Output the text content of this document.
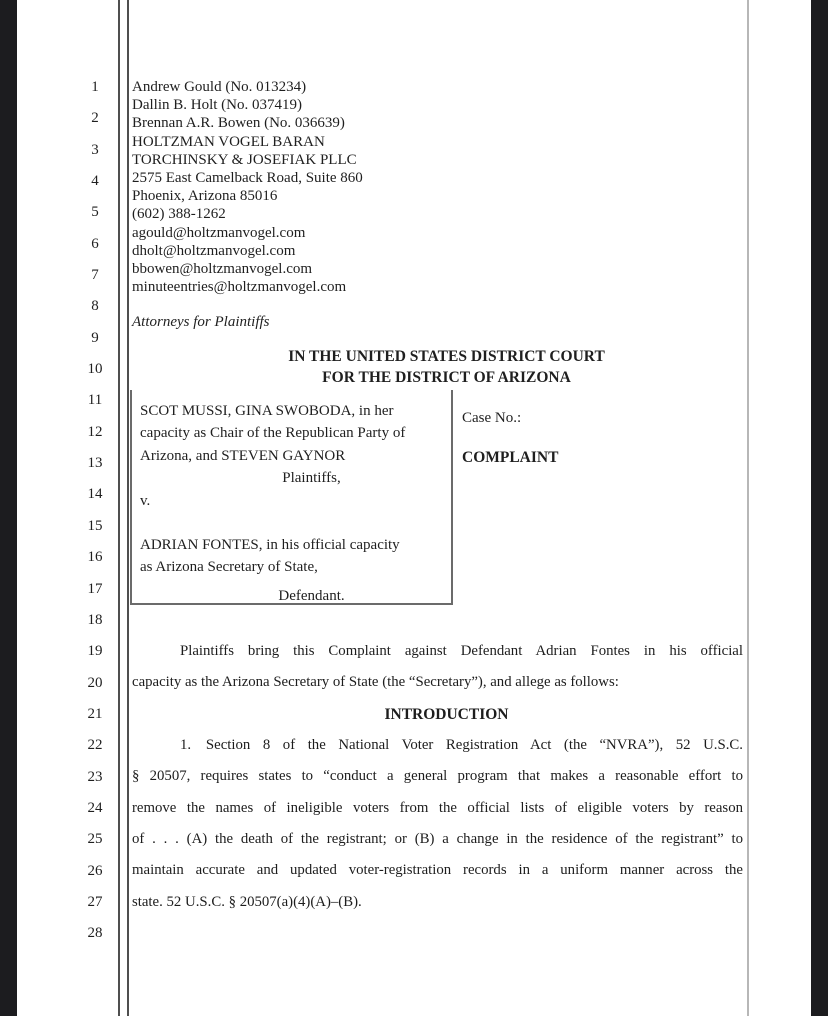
1
2
3
4
5
6
7
8
9
10
11
12
13
14
15
16
17
18
19
20
21
22
23
24
25
26
27
28
Andrew Gould (No. 013234)
Dallin B. Holt (No. 037419)
Brennan A.R. Bowen (No. 036639)
HOLTZMAN VOGEL BARAN
TORCHINSKY & JOSEFIAK PLLC
2575 East Camelback Road, Suite 860
Phoenix, Arizona 85016
(602) 388-1262
agould@holtzmanvogel.com
dholt@holtzmanvogel.com
bbowen@holtzmanvogel.com
minuteentries@holtzmanvogel.com
Attorneys for Plaintiffs
IN THE UNITED STATES DISTRICT COURT
FOR THE DISTRICT OF ARIZONA
SCOT MUSSI, GINA SWOBODA, in her
capacity as Chair of the Republican Party of
Arizona, and STEVEN GAYNOR
Plaintiffs,
v.
ADRIAN FONTES, in his official capacity
as Arizona Secretary of State,
Defendant.
Case No.:
COMPLAINT
Plaintiffs bring this Complaint against Defendant Adrian Fontes in his official
capacity as the Arizona Secretary of State (the “Secretary”), and allege as follows:
INTRODUCTION
1. Section 8 of the National Voter Registration Act (the “NVRA”), 52 U.S.C.
§ 20507, requires states to “conduct a general program that makes a reasonable effort to
remove the names of ineligible voters from the official lists of eligible voters by reason
of . . . (A) the death of the registrant; or (B) a change in the residence of the registrant” to
maintain accurate and updated voter-registration records in a uniform manner across the
state. 52 U.S.C. § 20507(a)(4)(A)–(B).
